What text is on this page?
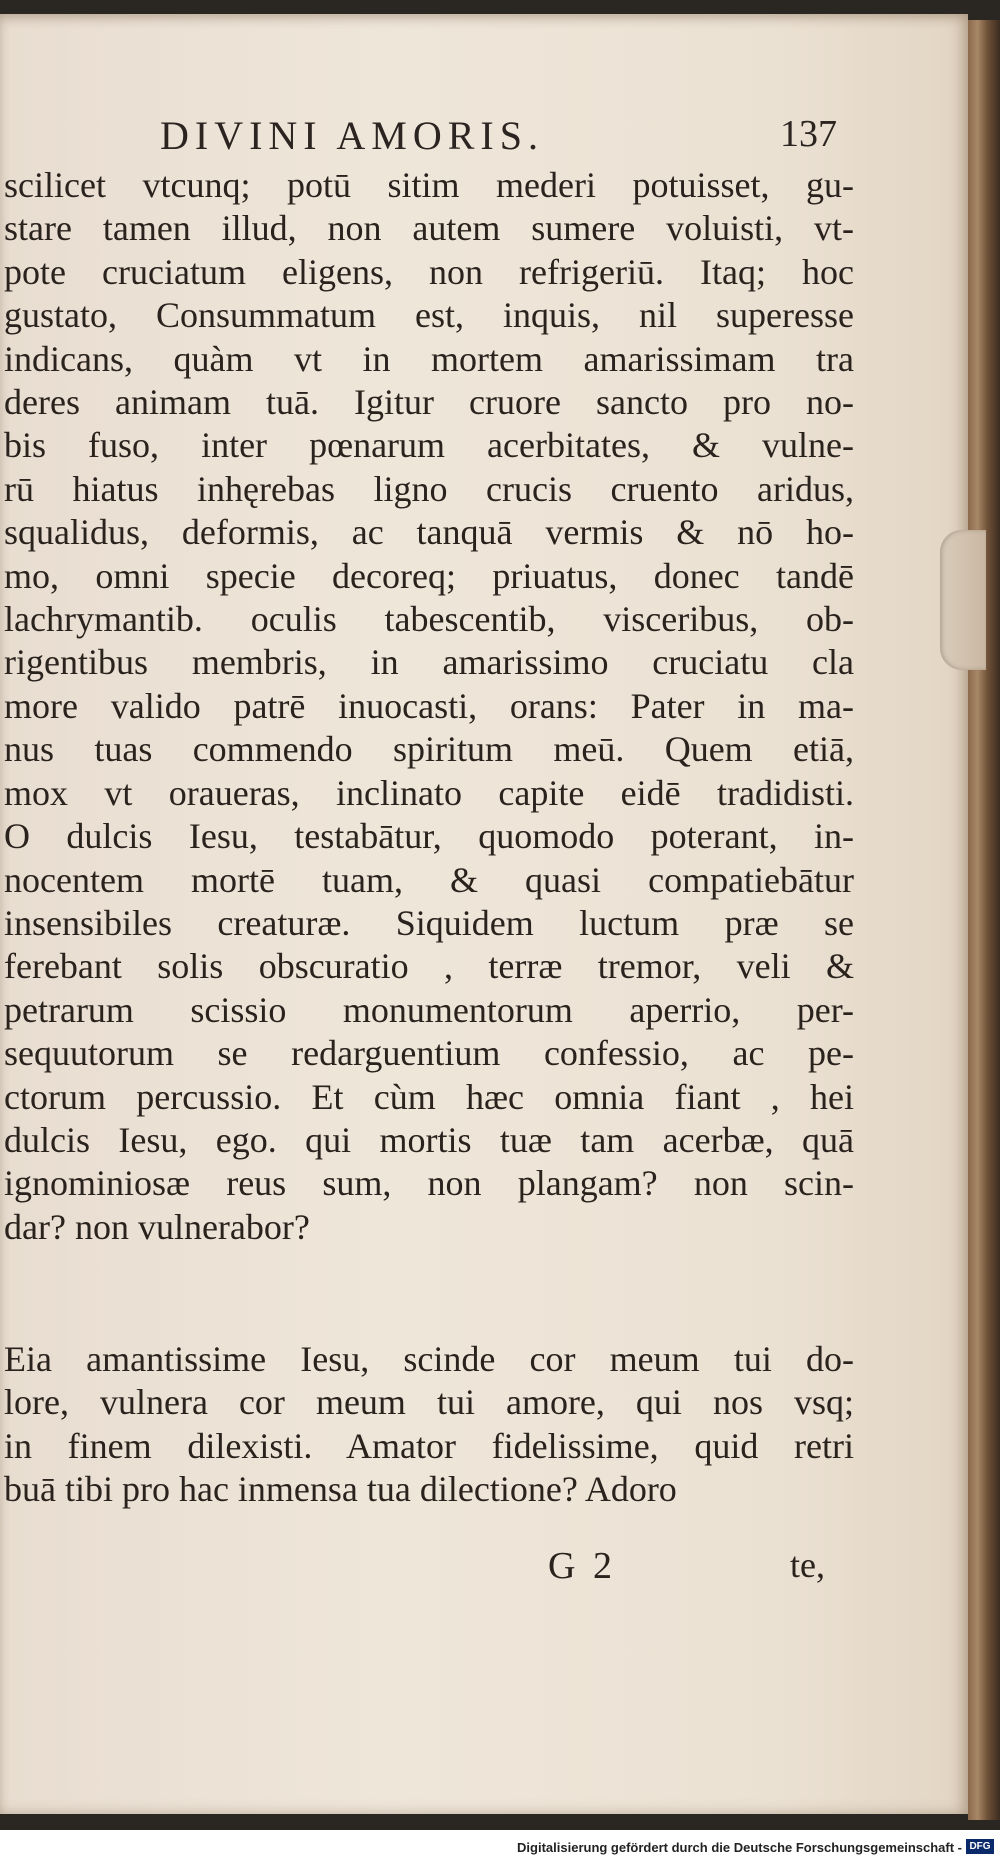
DIVINI AMORIS.	137
scilicet vtcunq; potū sitim mederi potuisset, gu-
stare tamen illud, non autem sumere voluisti, vt-
pote cruciatum eligens, non refrigeriū. Itaq; hoc
gustato, Consummatum est, inquis, nil superesse
indicans, quàm vt in mortem amarissimam tra
deres animam tuā. Igitur cruore sancto pro no-
bis fuso, inter pœnarum acerbitates, & vulne-
rū hiatus inhęrebas ligno crucis cruento aridus,
squalidus, deformis, ac tanquā vermis & nō ho-
mo, omni specie decoreq; priuatus, donec tandē
lachrymantib. oculis tabescentib, visceribus, ob-
rigentibus membris, in amarissimo cruciatu cla
more valido patrē inuocasti, orans: Pater in ma-
nus tuas commendo spiritum meū. Quem etiā,
mox vt oraueras, inclinato capite eidē tradidisti.
O dulcis Iesu, testabātur, quomodo poterant, in-
nocentem mortē tuam, & quasi compatiebātur
insensibiles creaturæ. Siquidem luctum præ se
ferebant solis obscuratio , terræ tremor, veli &
petrarum scissio monumentorum aperrio, per-
sequutorum se redarguentium confessio, ac pe-
ctorum percussio. Et cùm hæc omnia fiant , hei
dulcis Iesu, ego. qui mortis tuæ tam acerbæ, quā
ignominiosæ reus sum, non plangam? non scin-
dar? non vulnerabor?
Eia amantissime Iesu, scinde cor meum tui do-
lore, vulnera cor meum tui amore, qui nos vsq;
in finem dilexisti. Amator fidelissime, quid retri
buā tibi pro hac inmensa tua dilectione? Adoro
G 2	te,
Digitalisierung gefördert durch die Deutsche Forschungsgemeinschaft - DFG
